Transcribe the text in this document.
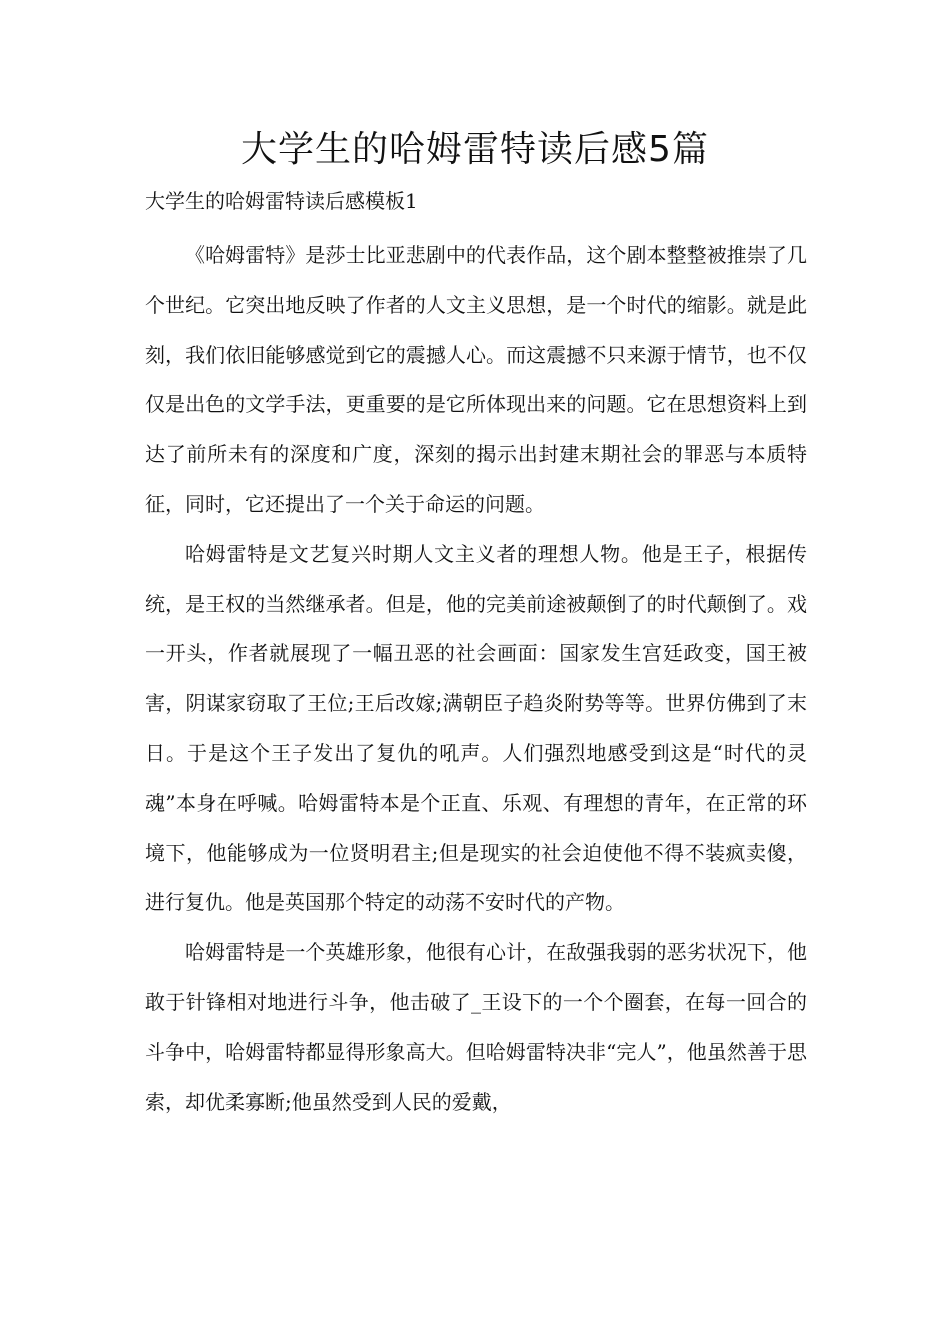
大学生的哈姆雷特读后感5篇
大学生的哈姆雷特读后感模板1

《哈姆雷特》是莎士比亚悲剧中的代表作品，这个剧本整整被推崇了几个世纪。它突出地反映了作者的人文主义思想，是一个时代的缩影。就是此刻，我们依旧能够感觉到它的震撼人心。而这震撼不只来源于情节，也不仅仅是出色的文学手法，更重要的是它所体现出来的问题。它在思想资料上到达了前所未有的深度和广度，深刻的揭示出封建末期社会的罪恶与本质特征，同时，它还提出了一个关于命运的问题。

哈姆雷特是文艺复兴时期人文主义者的理想人物。他是王子，根据传统，是王权的当然继承者。但是，他的完美前途被颠倒了的时代颠倒了。戏一开头，作者就展现了一幅丑恶的社会画面：国家发生宫廷政变，国王被害，阴谋家窃取了王位;王后改嫁;满朝臣子趋炎附势等等。世界仿佛到了末日。于是这个王子发出了复仇的吼声。人们强烈地感受到这是“时代的灵魂”本身在呼喊。哈姆雷特本是个正直、乐观、有理想的青年，在正常的环境下，他能够成为一位贤明君主;但是现实的社会迫使他不得不装疯卖傻，进行复仇。他是英国那个特定的动荡不安时代的产物。

哈姆雷特是一个英雄形象，他很有心计，在敌强我弱的恶劣状况下，他敢于针锋相对地进行斗争，他击破了_王设下的一个个圈套，在每一回合的斗争中，哈姆雷特都显得形象高大。但哈姆雷特决非“完人”，他虽然善于思索，却优柔寡断;他虽然受到人民的爱戴，
